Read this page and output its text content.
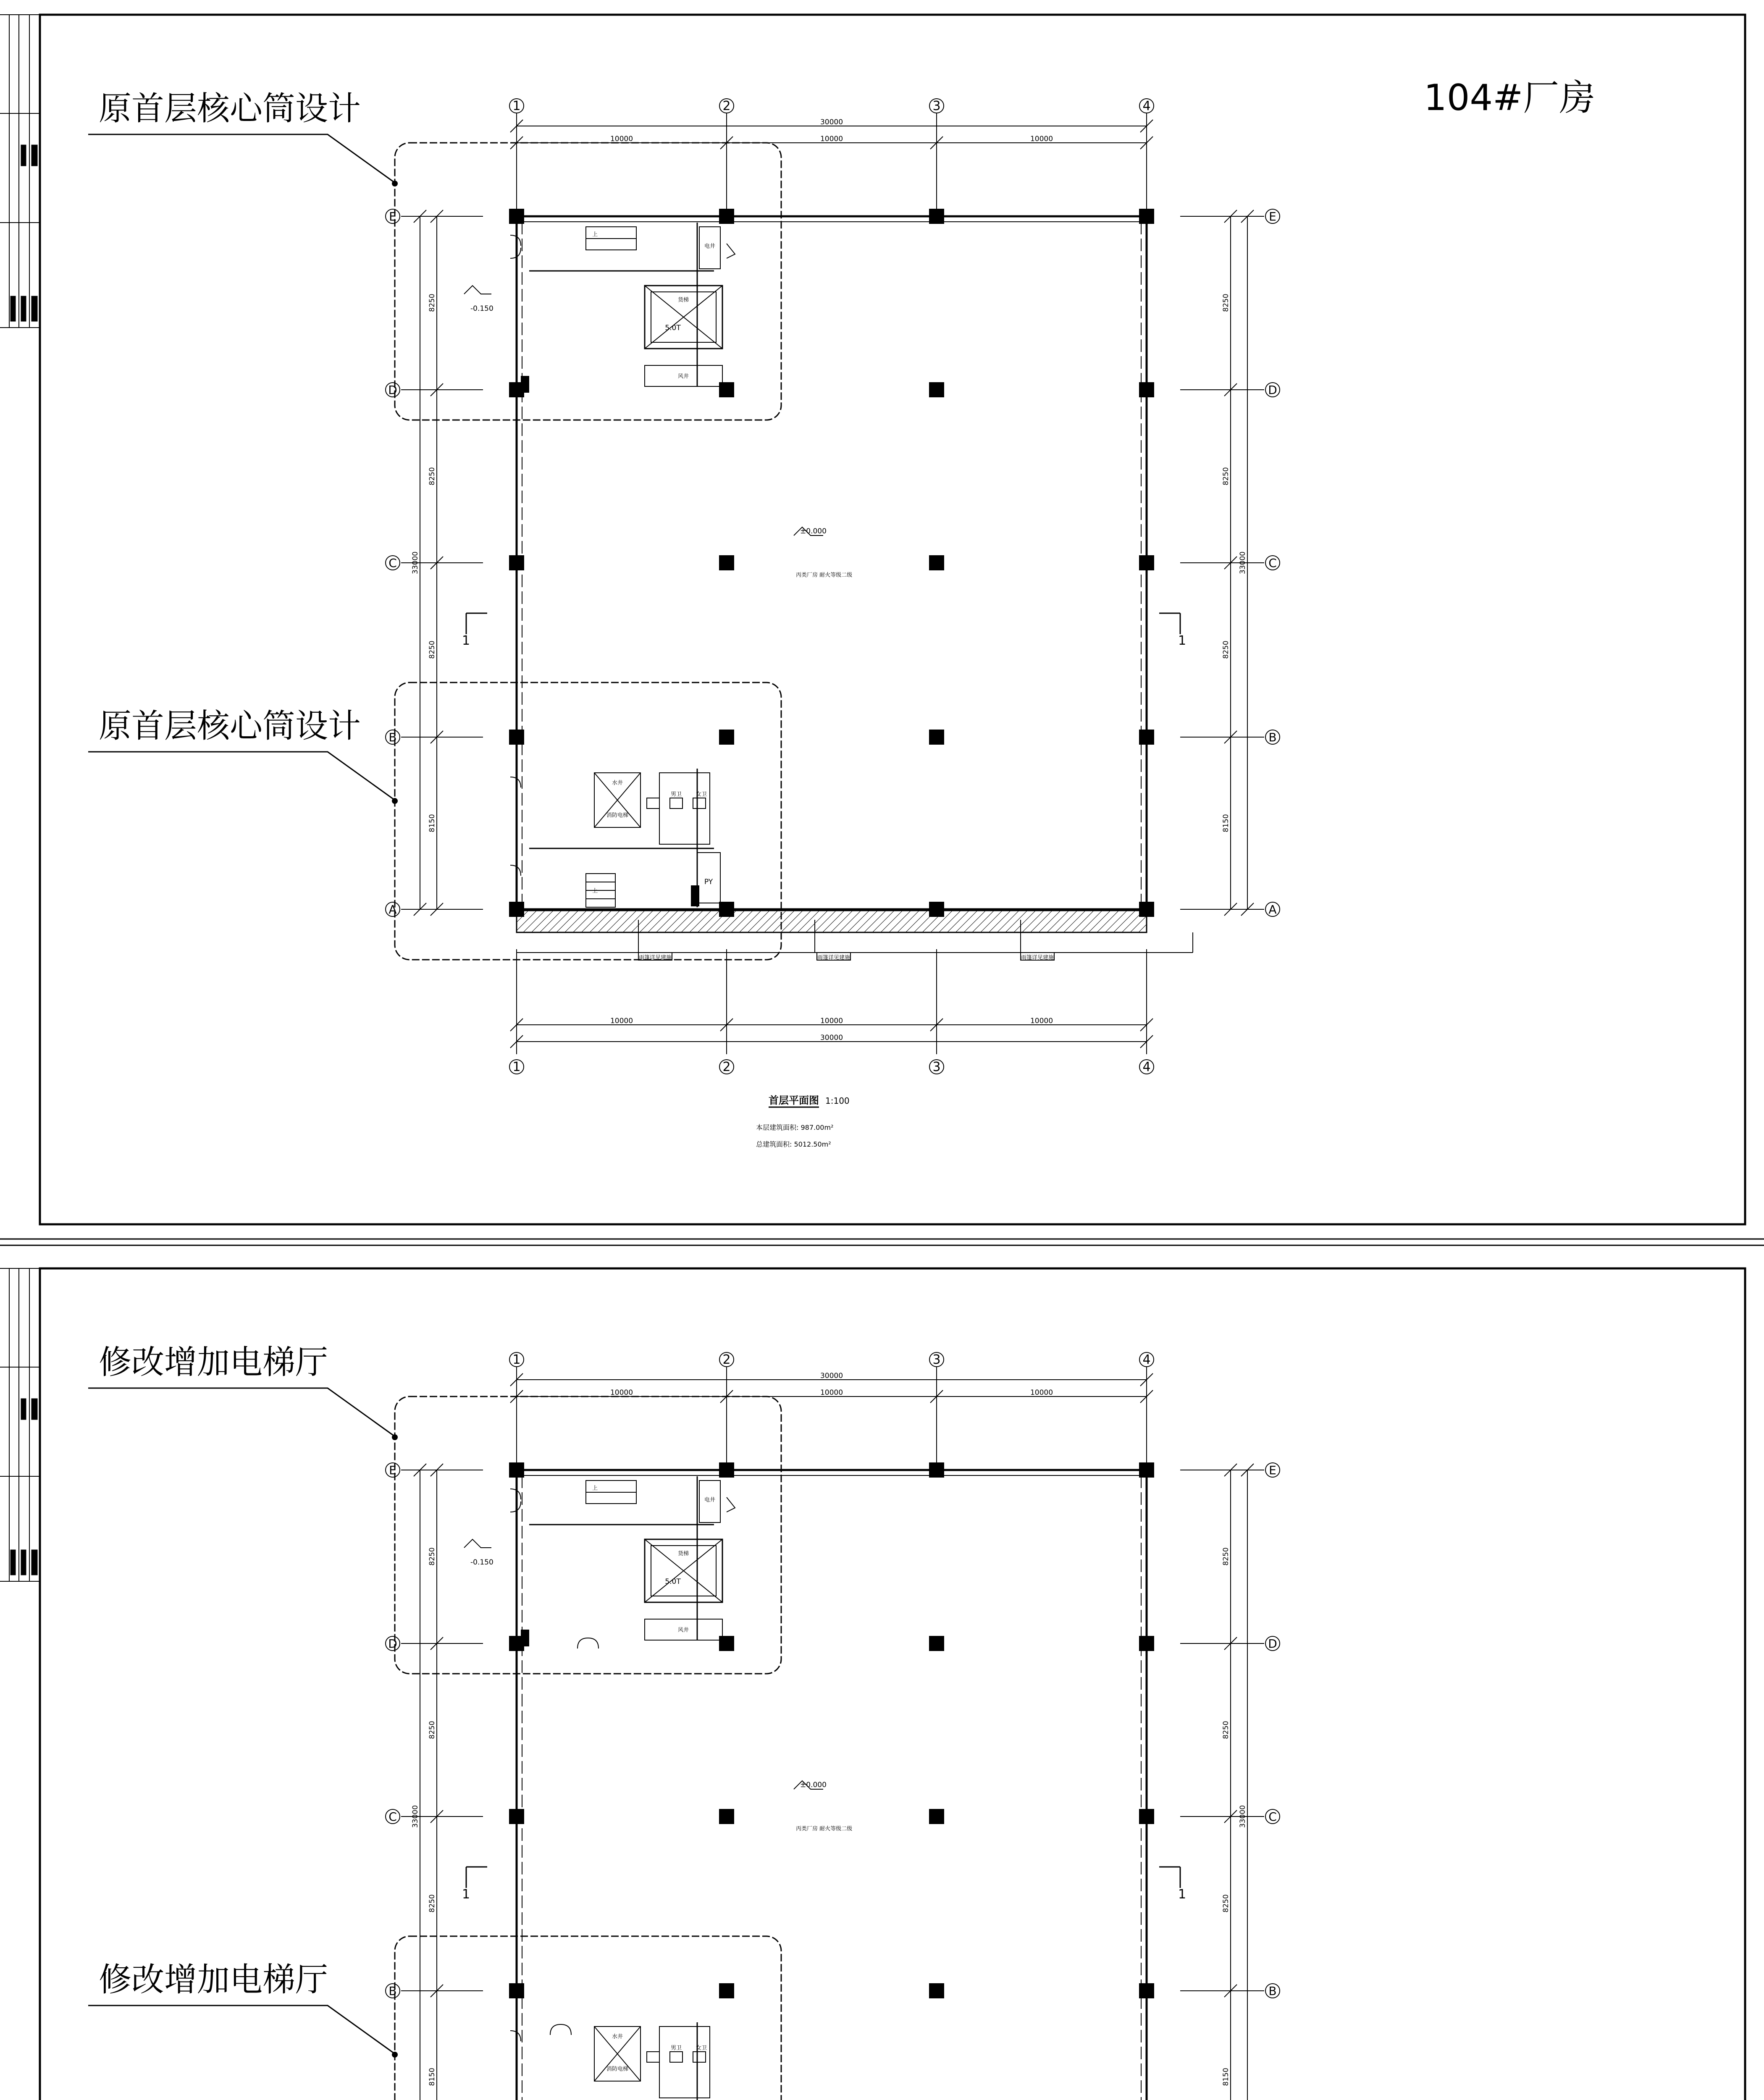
104#厂房
原首层核心筒设计
原首层核心筒设计
1	2	3	4
1	2	3	4
E
D
C
B
A
E
D
C
B
A
30000
10000	10000	10000
10000	10000	10000
30000
8250
8250
33000
8250
8150
8250
8250
33000
8250
8150
±0.000
丙类厂房 耐火等级二级
-0.150
5.0T
货梯
电井
风井
上
水井
男卫	女卫
消防电梯
PY
上
雨篷详见建施	雨篷详见建施	雨篷详见建施
1	1
首层平面图 1:100
本层建筑面积: 987.00m²
总建筑面积: 5012.50m²
修改增加电梯厅
修改增加电梯厅
1	2	3	4
E
D
C
B
E
D
C
B
30000
10000	10000	10000
8250
8250
33000
8250
8150
8250
8250
33000
8250
8150
±0.000
丙类厂房 耐火等级二级
-0.150
5.0T
货梯
电井
风井
上
水井
男卫	女卫
消防电梯
1	1
